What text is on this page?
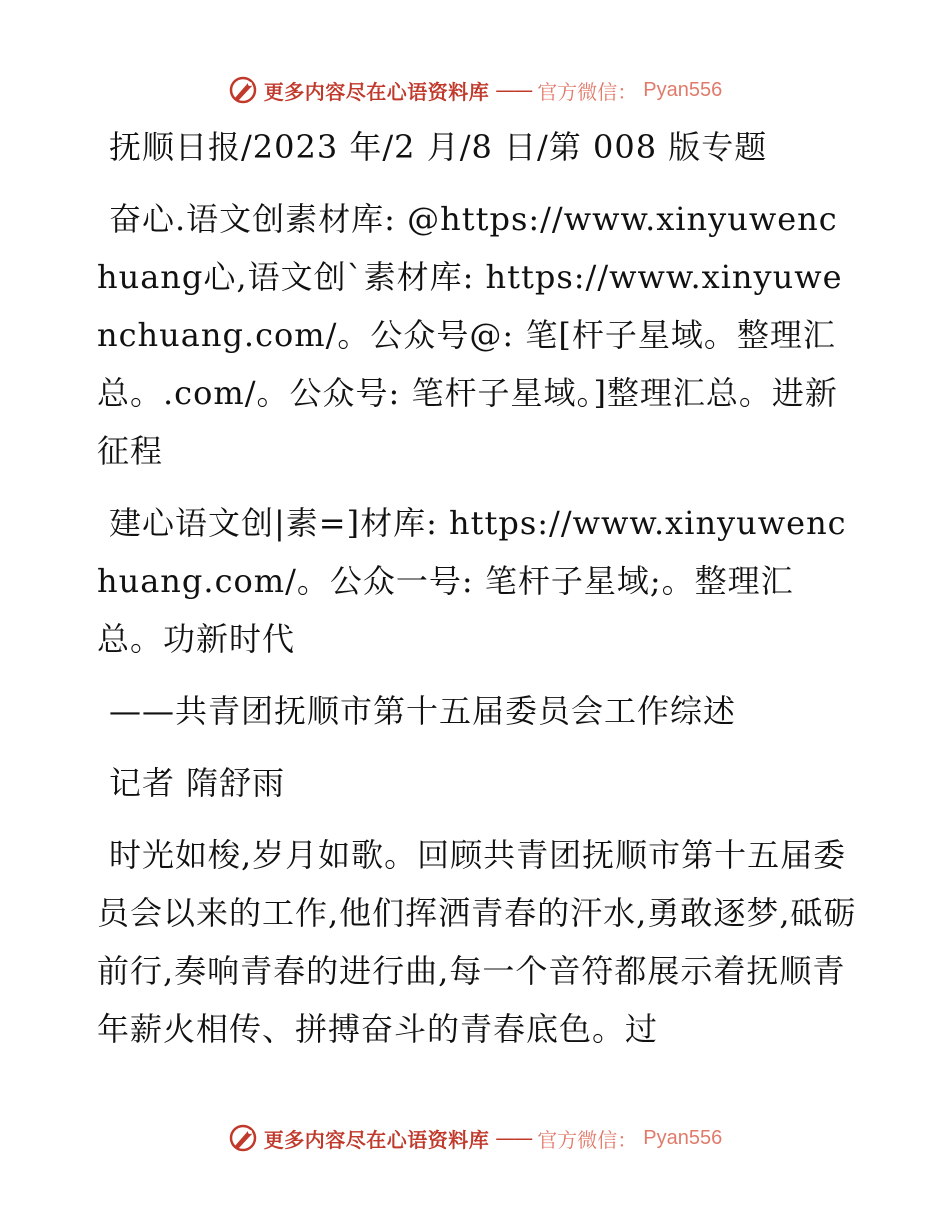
更多内容尽在心语资料库 —— 官方微信： Pyan556

抚顺日报/2023 年/2 月/8 日/第 008 版专题

奋心.语文创素材库: @https://www.xinyuwenchuang心,语文创`素材库: https://www.xinyuwenchuang.com/。公众号@: 笔[杆子星域。整理汇总。.com/。公众号: 笔杆子星域。]整理汇总。进新征程

建心语文创|素=]材库: https://www.xinyuwenchuang.com/。公众一号: 笔杆子星域;。整理汇总。功新时代

——共青团抚顺市第十五届委员会工作综述

记者 隋舒雨

时光如梭,岁月如歌。回顾共青团抚顺市第十五届委员会以来的工作,他们挥洒青春的汗水,勇敢逐梦,砥砺前行,奏响青春的进行曲,每一个音符都展示着抚顺青年薪火相传、拼搏奋斗的青春底色。过

更多内容尽在心语资料库 —— 官方微信： Pyan556
